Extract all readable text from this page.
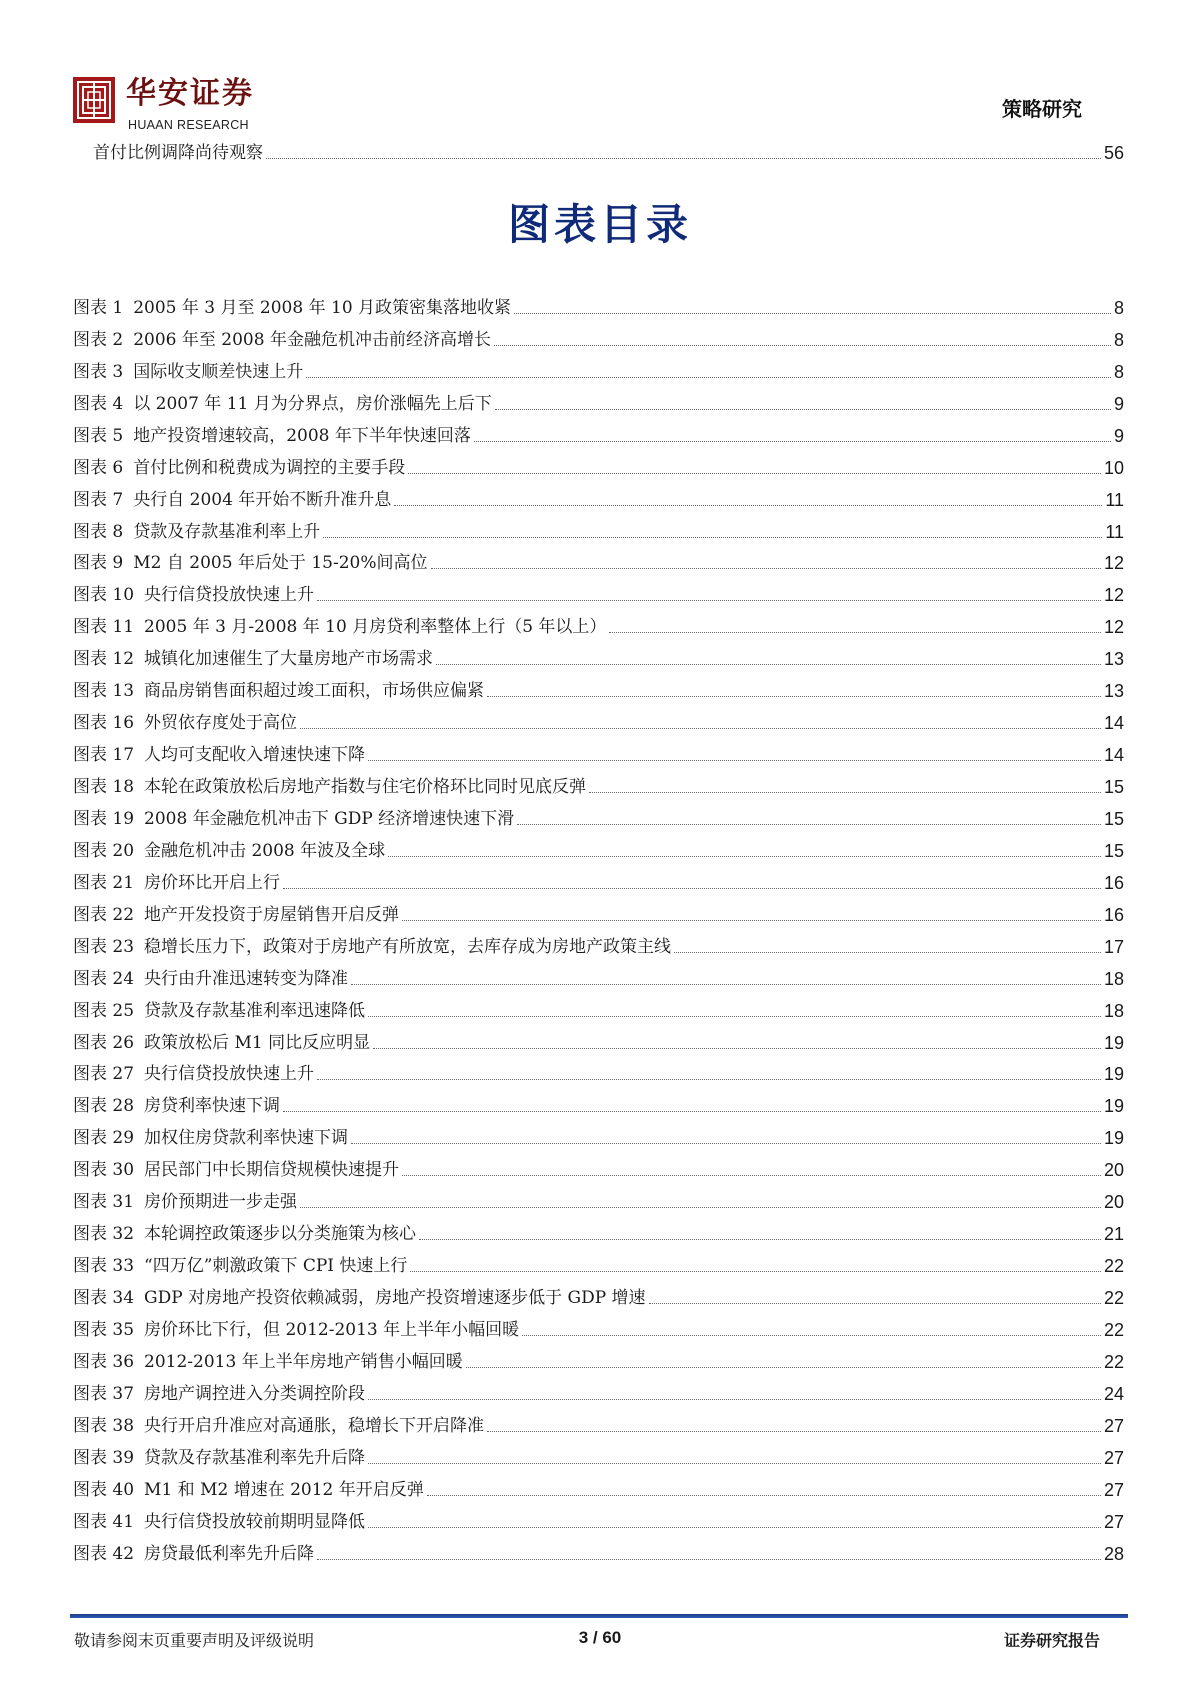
华安证券
HUAAN RESEARCH
策略研究
首付比例调降尚待观察	56
图表目录
图表 1 2005 年 3 月至 2008 年 10 月政策密集落地收紧	8
图表 2 2006 年至 2008 年金融危机冲击前经济高增长	8
图表 3 国际收支顺差快速上升	8
图表 4 以 2007 年 11 月为分界点，房价涨幅先上后下	9
图表 5 地产投资增速较高，2008 年下半年快速回落	9
图表 6 首付比例和税费成为调控的主要手段	10
图表 7 央行自 2004 年开始不断升准升息	11
图表 8 贷款及存款基准利率上升	11
图表 9 M2 自 2005 年后处于 15-20%间高位	12
图表 10 央行信贷投放快速上升	12
图表 11 2005 年 3 月-2008 年 10 月房贷利率整体上行（5 年以上）	12
图表 12 城镇化加速催生了大量房地产市场需求	13
图表 13 商品房销售面积超过竣工面积，市场供应偏紧	13
图表 16 外贸依存度处于高位	14
图表 17 人均可支配收入增速快速下降	14
图表 18 本轮在政策放松后房地产指数与住宅价格环比同时见底反弹	15
图表 19 2008 年金融危机冲击下 GDP 经济增速快速下滑	15
图表 20 金融危机冲击 2008 年波及全球	15
图表 21 房价环比开启上行	16
图表 22 地产开发投资于房屋销售开启反弹	16
图表 23 稳增长压力下，政策对于房地产有所放宽，去库存成为房地产政策主线	17
图表 24 央行由升准迅速转变为降准	18
图表 25 贷款及存款基准利率迅速降低	18
图表 26 政策放松后 M1 同比反应明显	19
图表 27 央行信贷投放快速上升	19
图表 28 房贷利率快速下调	19
图表 29 加权住房贷款利率快速下调	19
图表 30 居民部门中长期信贷规模快速提升	20
图表 31 房价预期进一步走强	20
图表 32 本轮调控政策逐步以分类施策为核心	21
图表 33 “四万亿”刺激政策下 CPI 快速上行	22
图表 34 GDP 对房地产投资依赖减弱，房地产投资增速逐步低于 GDP 增速	22
图表 35 房价环比下行，但 2012-2013 年上半年小幅回暖	22
图表 36 2012-2013 年上半年房地产销售小幅回暖	22
图表 37 房地产调控进入分类调控阶段	24
图表 38 央行开启升准应对高通胀，稳增长下开启降准	27
图表 39 贷款及存款基准利率先升后降	27
图表 40 M1 和 M2 增速在 2012 年开启反弹	27
图表 41 央行信贷投放较前期明显降低	27
图表 42 房贷最低利率先升后降	28
敬请参阅末页重要声明及评级说明	3 / 60	证券研究报告
